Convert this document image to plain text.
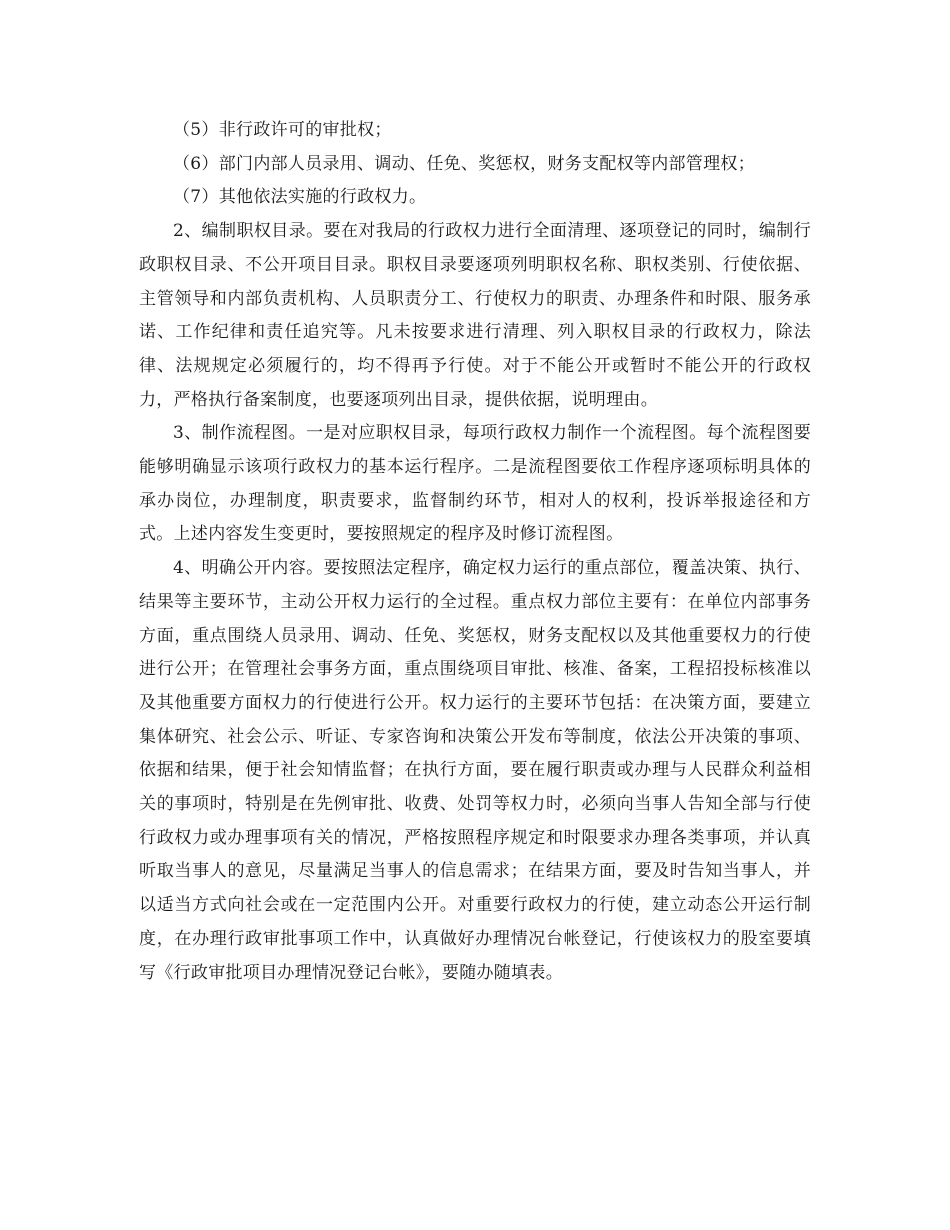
（5）非行政许可的审批权；

（6）部门内部人员录用、调动、任免、奖惩权，财务支配权等内部管理权；

（7）其他依法实施的行政权力。

2、编制职权目录。要在对我局的行政权力进行全面清理、逐项登记的同时，编制行政职权目录、不公开项目目录。职权目录要逐项列明职权名称、职权类别、行使依据、主管领导和内部负责机构、人员职责分工、行使权力的职责、办理条件和时限、服务承诺、工作纪律和责任追究等。凡未按要求进行清理、列入职权目录的行政权力，除法律、法规规定必须履行的，均不得再予行使。对于不能公开或暂时不能公开的行政权力，严格执行备案制度，也要逐项列出目录，提供依据，说明理由。

3、制作流程图。一是对应职权目录，每项行政权力制作一个流程图。每个流程图要能够明确显示该项行政权力的基本运行程序。二是流程图要依工作程序逐项标明具体的承办岗位，办理制度，职责要求，监督制约环节，相对人的权利，投诉举报途径和方式。上述内容发生变更时，要按照规定的程序及时修订流程图。

4、明确公开内容。要按照法定程序，确定权力运行的重点部位，覆盖决策、执行、结果等主要环节，主动公开权力运行的全过程。重点权力部位主要有：在单位内部事务方面，重点围绕人员录用、调动、任免、奖惩权，财务支配权以及其他重要权力的行使进行公开；在管理社会事务方面，重点围绕项目审批、核准、备案，工程招投标核准以及其他重要方面权力的行使进行公开。权力运行的主要环节包括：在决策方面，要建立集体研究、社会公示、听证、专家咨询和决策公开发布等制度，依法公开决策的事项、依据和结果，便于社会知情监督；在执行方面，要在履行职责或办理与人民群众利益相关的事项时，特别是在先例审批、收费、处罚等权力时，必须向当事人告知全部与行使行政权力或办理事项有关的情况，严格按照程序规定和时限要求办理各类事项，并认真听取当事人的意见，尽量满足当事人的信息需求；在结果方面，要及时告知当事人，并以适当方式向社会或在一定范围内公开。对重要行政权力的行使，建立动态公开运行制度，在办理行政审批事项工作中，认真做好办理情况台帐登记，行使该权力的股室要填写《行政审批项目办理情况登记台帐》，要随办随填表。
